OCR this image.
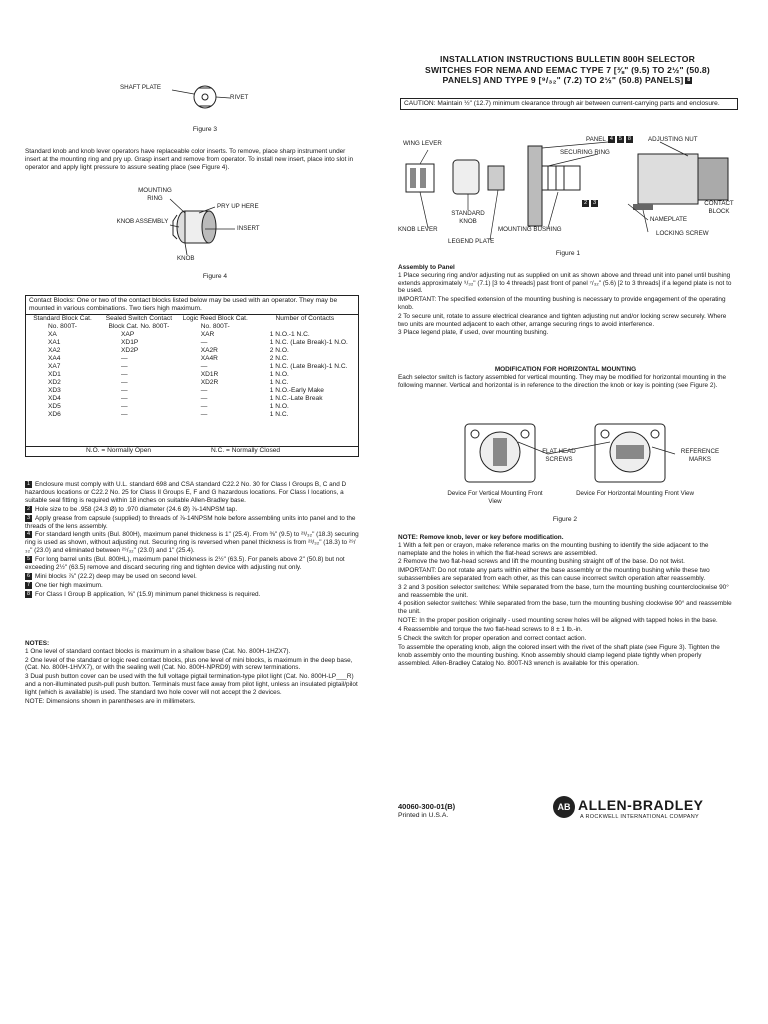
SHAFT PLATE
RIVET
Figure 3
Standard knob and knob lever operators have replaceable color inserts. To remove, place sharp instrument under insert at the mounting ring and pry up. Grasp insert and remove from operator. To install new insert, place into slot in operator and apply light pressure to assure seating place (see Figure 4).
MOUNTING RING
PRY UP HERE
KNOB ASSEMBLY
INSERT
KNOB
Figure 4
Contact Blocks: One or two of the contact blocks listed below may be used with an operator. They may be mounted in various combinations. Two tiers high maximum.
Standard Block Cat. No. 800T-	Sealed Switch Contact Block Cat. No. 800T-	Logic Reed Block Cat. No. 800T-	Number of Contacts
XA	XAP	XAR	1 N.O.-1 N.C.
XA1	XD1P	—	1 N.C. (Late Break)-1 N.O.
XA2	XD2P	XA2R	2 N.O.
XA4	—	XA4R	2 N.C.
XA7	—	—	1 N.C. (Late Break)-1 N.C.
XD1	—	XD1R	1 N.O.
XD2	—	XD2R	1 N.C.
XD3	—	—	1 N.O.-Early Make
XD4	—	—	1 N.C.-Late Break
XD5	—	—	1 N.O.
XD6	—	—	1 N.C.
N.O. = Normally Open	N.C. = Normally Closed
1 Enclosure must comply with U.L. standard 698 and CSA standard C22.2 No. 30 for Class I Groups B, C and D hazardous locations or C22.2 No. 25 for Class II Groups E, F and G hazardous locations. For Class I locations, a suitable seal fitting is required within 18 inches on suitable Allen-Bradley base.
2 Hole size to be .958 (24.3 Ø) to .970 diameter (24.6 Ø) ⅞-14NPSM tap.
3 Apply grease from capsule (supplied) to threads of ⅞-14NPSM hole before assembling units into panel and to the threads of the lens assembly.
4 For standard length units (Bul. 800H), maximum panel thickness is 1" (25.4). From ⅜" (9.5) to ²³/₃₂" (18.3) securing ring is used as shown, without adjusting nut. Securing ring is reversed when panel thickness is from ²³/₃₂" (18.3) to ²⁹/₃₂" (23.0) and eliminated between ²⁹/₃₂" (23.0) and 1" (25.4).
5 For long barrel units (Bul. 800HL), maximum panel thickness is 2½" (63.5). For panels above 2" (50.8) but not exceeding 2½" (63.5) remove and discard securing ring and tighten device with adjusting nut only.
6 Mini blocks ⅞" (22.2) deep may be used on second level.
7 One tier high maximum.
8 For Class I Group B application, ⅝" (15.9) minimum panel thickness is required.
NOTES:
1 One level of standard contact blocks is maximum in a shallow base (Cat. No. 800H-1HZX7).
2 One level of the standard or logic reed contact blocks, plus one level of mini blocks, is maximum in the deep base, (Cat. No. 800H-1HVX7), or with the sealing well (Cat. No. 800H-NPRD9) with screw terminations.
3 Dual push button cover can be used with the full voltage pigtail termination-type pilot light (Cat. No. 800H-LP___R) and a non-illuminated push-pull push button. Terminals must face away from pilot light, unless an insulated pigtail/pilot light (which is available) is used. The standard two hole cover will not accept the 2 devices.
NOTE: Dimensions shown in parentheses are in millimeters.
INSTALLATION INSTRUCTIONS BULLETIN 800H SELECTOR
SWITCHES FOR NEMA AND EEMAC TYPE 7 [⅜" (9.5) TO 2½" (50.8)
PANELS] AND TYPE 9 [⁹/₃₂" (7.2) TO 2½" (50.8) PANELS] 8
CAUTION: Maintain ½" (12.7) minimum clearance through air between current-carrying parts and enclosure.
WING LEVER
PANEL 4 5 8	ADJUSTING NUT
SECURING RING
CONTACT BLOCK
STANDARD KNOB	NAMEPLATE
KNOB LEVER	MOUNTING BUSHING
LOCKING SCREW
LEGEND PLATE
2 3
Figure 1
Assembly to Panel
1 Place securing ring and/or adjusting nut as supplied on unit as shown above and thread unit into panel until bushing extends approximately ⁹/₃₂" (7.1) [3 to 4 threads] past front of panel ⁷/₃₂" (5.6) [2 to 3 threads] if a legend plate is not to be used.
IMPORTANT: The specified extension of the mounting bushing is necessary to provide engagement of the operating knob.
2 To secure unit, rotate to assure electrical clearance and tighten adjusting nut and/or locking screw securely. Where two units are mounted adjacent to each other, arrange securing rings to avoid interference.
3 Place legend plate, if used, over mounting bushing.
MODIFICATION FOR HORIZONTAL MOUNTING
Each selector switch is factory assembled for vertical mounting. They may be modified for horizontal mounting in the following manner. Vertical and horizontal is in reference to the direction the knob or key is pointing (see Figure 2).
FLAT HEAD SCREWS
REFERENCE MARKS
Device For Vertical Mounting Front View
Device For Horizontal Mounting Front View
Figure 2
NOTE: Remove knob, lever or key before modification.
1 With a felt pen or crayon, make reference marks on the mounting bushing to identify the side adjacent to the nameplate and the holes in which the flat-head screws are assembled.
2 Remove the two flat-head screws and lift the mounting bushing straight off of the base. Do not twist.
IMPORTANT: Do not rotate any parts within either the base assembly or the mounting bushing while these two subassemblies are separated from each other, as this can cause incorrect switch operation after reassembly.
3 2 and 3 position selector switches: While separated from the base, turn the mounting bushing counterclockwise 90° and reassemble the unit.
4 position selector switches: While separated from the base, turn the mounting bushing clockwise 90° and reassemble the unit.
NOTE: In the proper position originally - used mounting screw holes will be aligned with tapped holes in the base.
4 Reassemble and torque the two flat-head screws to 8 ± 1 lb.-in.
5 Check the switch for proper operation and correct contact action.
To assemble the operating knob, align the colored insert with the rivet of the shaft plate (see Figure 3). Tighten the knob assembly onto the mounting bushing. Knob assembly should clamp legend plate tightly when properly assembled. Allen-Bradley Catalog No. 800T-N3 wrench is available for this operation.
40060-300-01(B)
Printed in U.S.A.
AB ALLEN-BRADLEY
A ROCKWELL INTERNATIONAL COMPANY
